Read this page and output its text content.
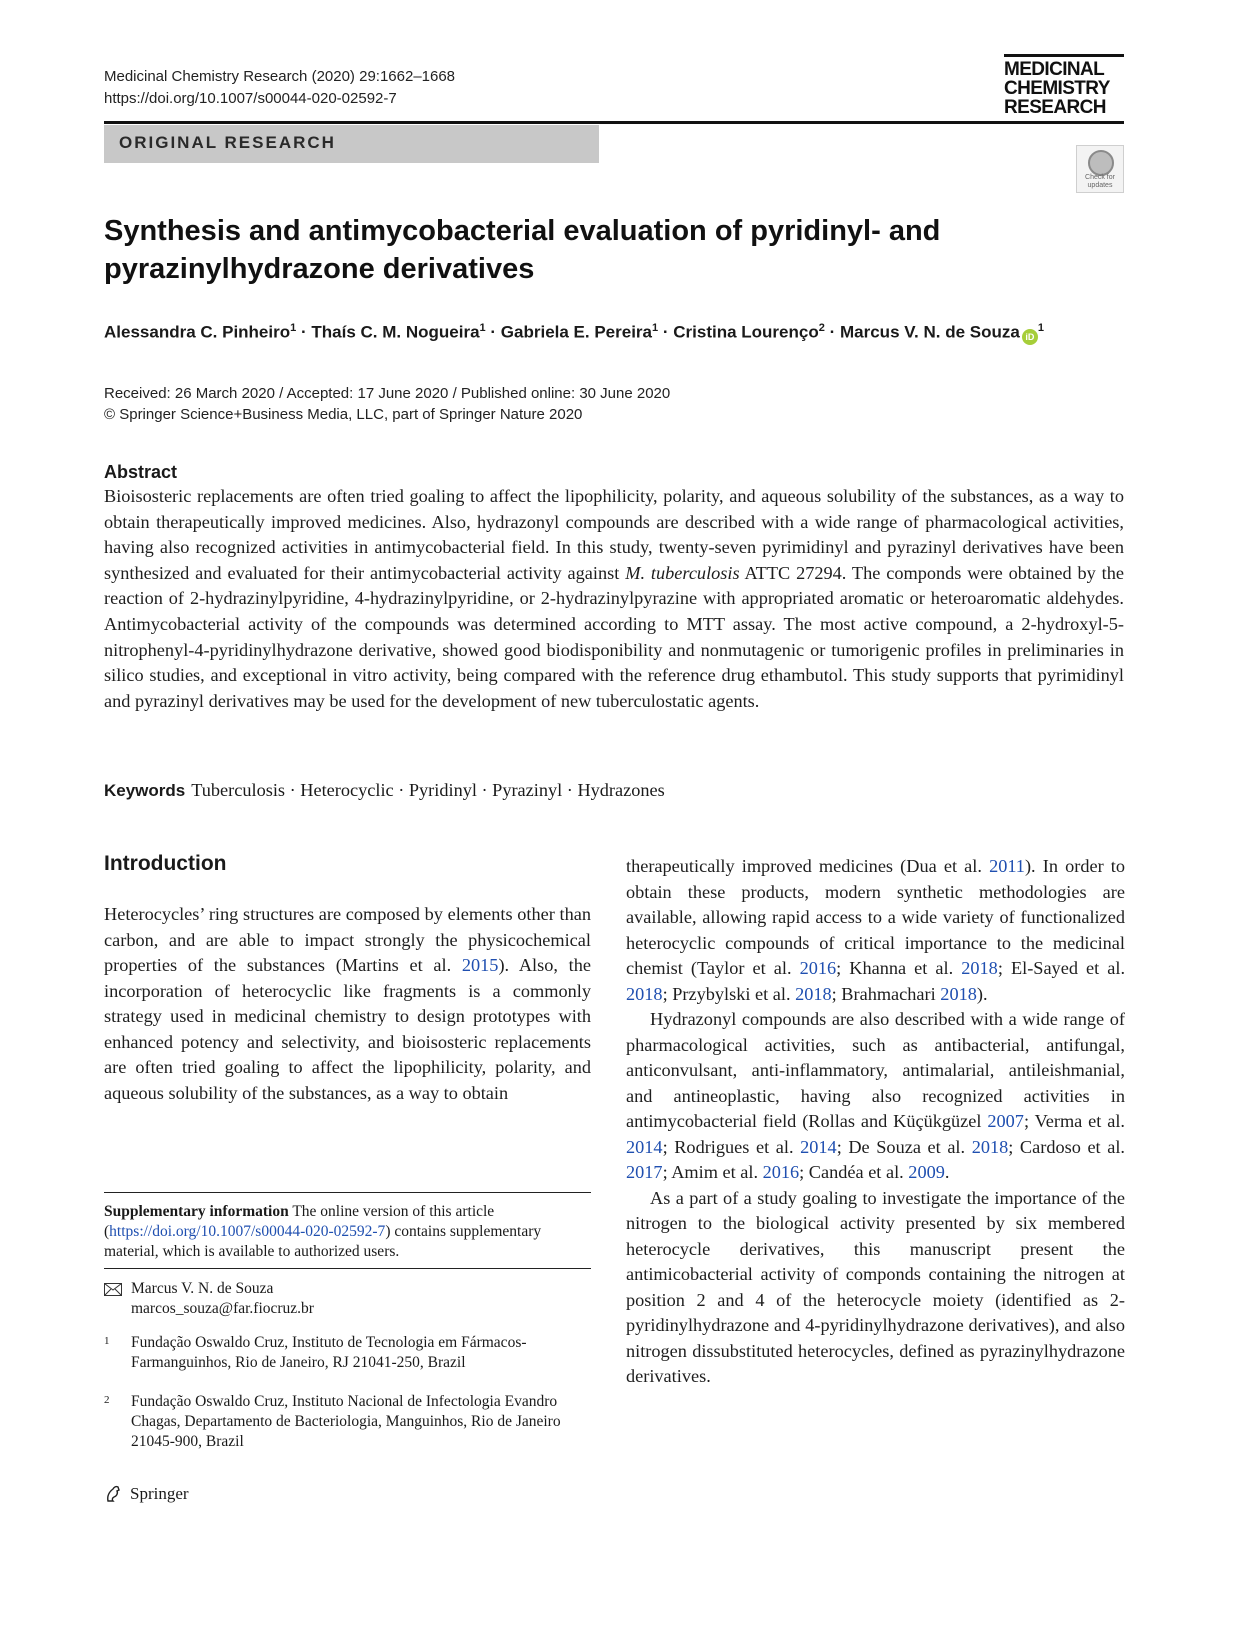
Medicinal Chemistry Research (2020) 29:1662–1668
https://doi.org/10.1007/s00044-020-02592-7
MEDICINAL
CHEMISTRY
RESEARCH
ORIGINAL RESEARCH
Check for updates
Synthesis and antimycobacterial evaluation of pyridinyl- and pyrazinylhydrazone derivatives
Alessandra C. Pinheiro$^1$ · Thaís C. M. Nogueira$^1$ · Gabriela E. Pereira$^1$ · Cristina Lourenço$^2$ · Marcus V. N. de Souza $iD^1$
Received: 26 March 2020 / Accepted: 17 June 2020 / Published online: 30 June 2020
© Springer Science+Business Media, LLC, part of Springer Nature 2020
Abstract
Bioisosteric replacements are often tried goaling to affect the lipophilicity, polarity, and aqueous solubility of the substances, as a way to obtain therapeutically improved medicines. Also, hydrazonyl compounds are described with a wide range of pharmacological activities, having also recognized activities in antimycobacterial field. In this study, twenty-seven pyrimidinyl and pyrazinyl derivatives have been synthesized and evaluated for their antimycobacterial activity against M. tuberculosis ATTC 27294. The componds were obtained by the reaction of 2-hydrazinylpyridine, 4-hydrazinylpyridine, or 2-hydrazinylpyrazine with appropriated aromatic or heteroaromatic aldehydes. Antimycobacterial activity of the compounds was determined according to MTT assay. The most active compound, a 2-hydroxyl-5-nitrophenyl-4-pyridinylhydrazone derivative, showed good biodisponibility and nonmutagenic or tumorigenic profiles in preliminaries in silico studies, and exceptional in vitro activity, being compared with the reference drug ethambutol. This study supports that pyrimidinyl and pyrazinyl derivatives may be used for the development of new tuberculostatic agents.
Keywords Tuberculosis · Heterocyclic · Pyridinyl · Pyrazinyl · Hydrazones
Introduction

Heterocycles’ ring structures are composed by elements other than carbon, and are able to impact strongly the physicochemical properties of the substances (Martins et al. 2015). Also, the incorporation of heterocyclic like fragments is a commonly strategy used in medicinal chemistry to design prototypes with enhanced potency and selectivity, and bioisosteric replacements are often tried goaling to affect the lipophilicity, polarity, and aqueous solubility of the substances, as a way to obtain

therapeutically improved medicines (Dua et al. 2011). In order to obtain these products, modern synthetic methodologies are available, allowing rapid access to a wide variety of functionalized heterocyclic compounds of critical importance to the medicinal chemist (Taylor et al. 2016; Khanna et al. 2018; El-Sayed et al. 2018; Przybylski et al. 2018; Brahmachari 2018).

Hydrazonyl compounds are also described with a wide range of pharmacological activities, such as antibacterial, antifungal, anticonvulsant, anti-inflammatory, antimalarial, antileishmanial, and antineoplastic, having also recognized activities in antimycobacterial field (Rollas and Küçükgüzel 2007; Verma et al. 2014; Rodrigues et al. 2014; De Souza et al. 2018; Cardoso et al. 2017; Amim et al. 2016; Candéa et al. 2009.

As a part of a study goaling to investigate the importance of the nitrogen to the biological activity presented by six membered heterocycle derivatives, this manuscript present the antimicobacterial activity of componds containing the nitrogen at position 2 and 4 of the heterocycle moiety (identified as 2-pyridinylhydrazone and 4-pyridinylhydrazone derivatives), and also nitrogen dissubstituted heterocycles, defined as pyrazinylhydrazone derivatives.

Supplementary information The online version of this article (https://doi.org/10.1007/s00044-020-02592-7) contains supplementary material, which is available to authorized users.
Marcus V. N. de Souza
marcos_souza@far.fiocruz.br
1 Fundação Oswaldo Cruz, Instituto de Tecnologia em Fármacos-Farmanguinhos, Rio de Janeiro, RJ 21041-250, Brazil
2 Fundação Oswaldo Cruz, Instituto Nacional de Infectologia Evandro Chagas, Departamento de Bacteriologia, Manguinhos, Rio de Janeiro 21045-900, Brazil
Springer
